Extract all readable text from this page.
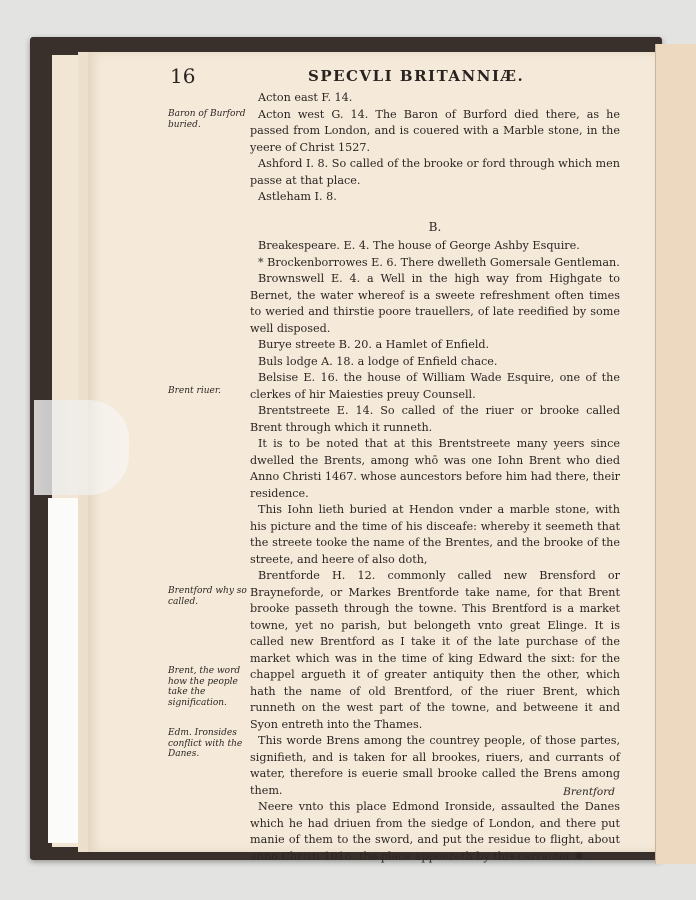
16	SPECVLI BRITANNIÆ.
Baron of Burford buried.
Brent riuer.
Brentford why so called.
Brent, the word how the people take the signification.
Edm. Ironsides conflict with the Danes.

Acton east F. 14.

Acton west G. 14. The Baron of Burford died there, as he passed from London, and is couered with a Marble stone, in the yeere of Christ 1527.

Ashford I. 8. So called of the brooke or ford through which men passe at that place.

Astleham I. 8.

B.

Breakespeare. E. 4. The house of George Ashby Esquire.

* Brockenborrowes E. 6. There dwelleth Gomersale Gentleman.

Brownswell E. 4. a Well in the high way from Highgate to Bernet, the water whereof is a sweete refreshment often times to weried and thirstie poore trauellers, of late reedified by some well disposed.

Burye streete B. 20. a Hamlet of Enfield.

Buls lodge A. 18. a lodge of Enfield chace.

Belsise E. 16. the house of William Wade Esquire, one of the clerkes of hir Maiesties preuy Counsell.

Brentstreete E. 14. So called of the riuer or brooke called Brent through which it runneth.

It is to be noted that at this Brentstreete many yeers since dwelled the Brents, among whō was one Iohn Brent who died Anno Christi 1467. whose auncestors before him had there, their residence.

This Iohn lieth buried at Hendon vnder a marble stone, with his picture and the time of his disceafe: whereby it seemeth that the streete tooke the name of the Brentes, and the brooke of the streete, and heere of also doth,

Brentforde H. 12. commonly called new Brensford or Brayneforde, or Markes Brentforde take name, for that Brent brooke passeth through the towne. This Brentford is a market towne, yet no parish, but belongeth vnto great Elinge. It is called new Brentford as I take it of the late purchase of the market which was in the time of king Edward the sixt: for the chappel argueth it of greater antiquity then the other, which hath the name of old Brentford, of the riuer Brent, which runneth on the west part of the towne, and betweene it and Syon entreth into the Thames.

This worde Brens among the countrey people, of those partes, signifieth, and is taken for all brookes, riuers, and currants of water, therefore is euerie small brooke called the Brens among them.

Neere vnto this place Edmond Ironside, assaulted the Danes which he had driuen from the siedge of London, and there put manie of them to the sword, and put the residue to flight, about anno Christi 1016. the place appeereth by this carracter ✱.

Brentford
